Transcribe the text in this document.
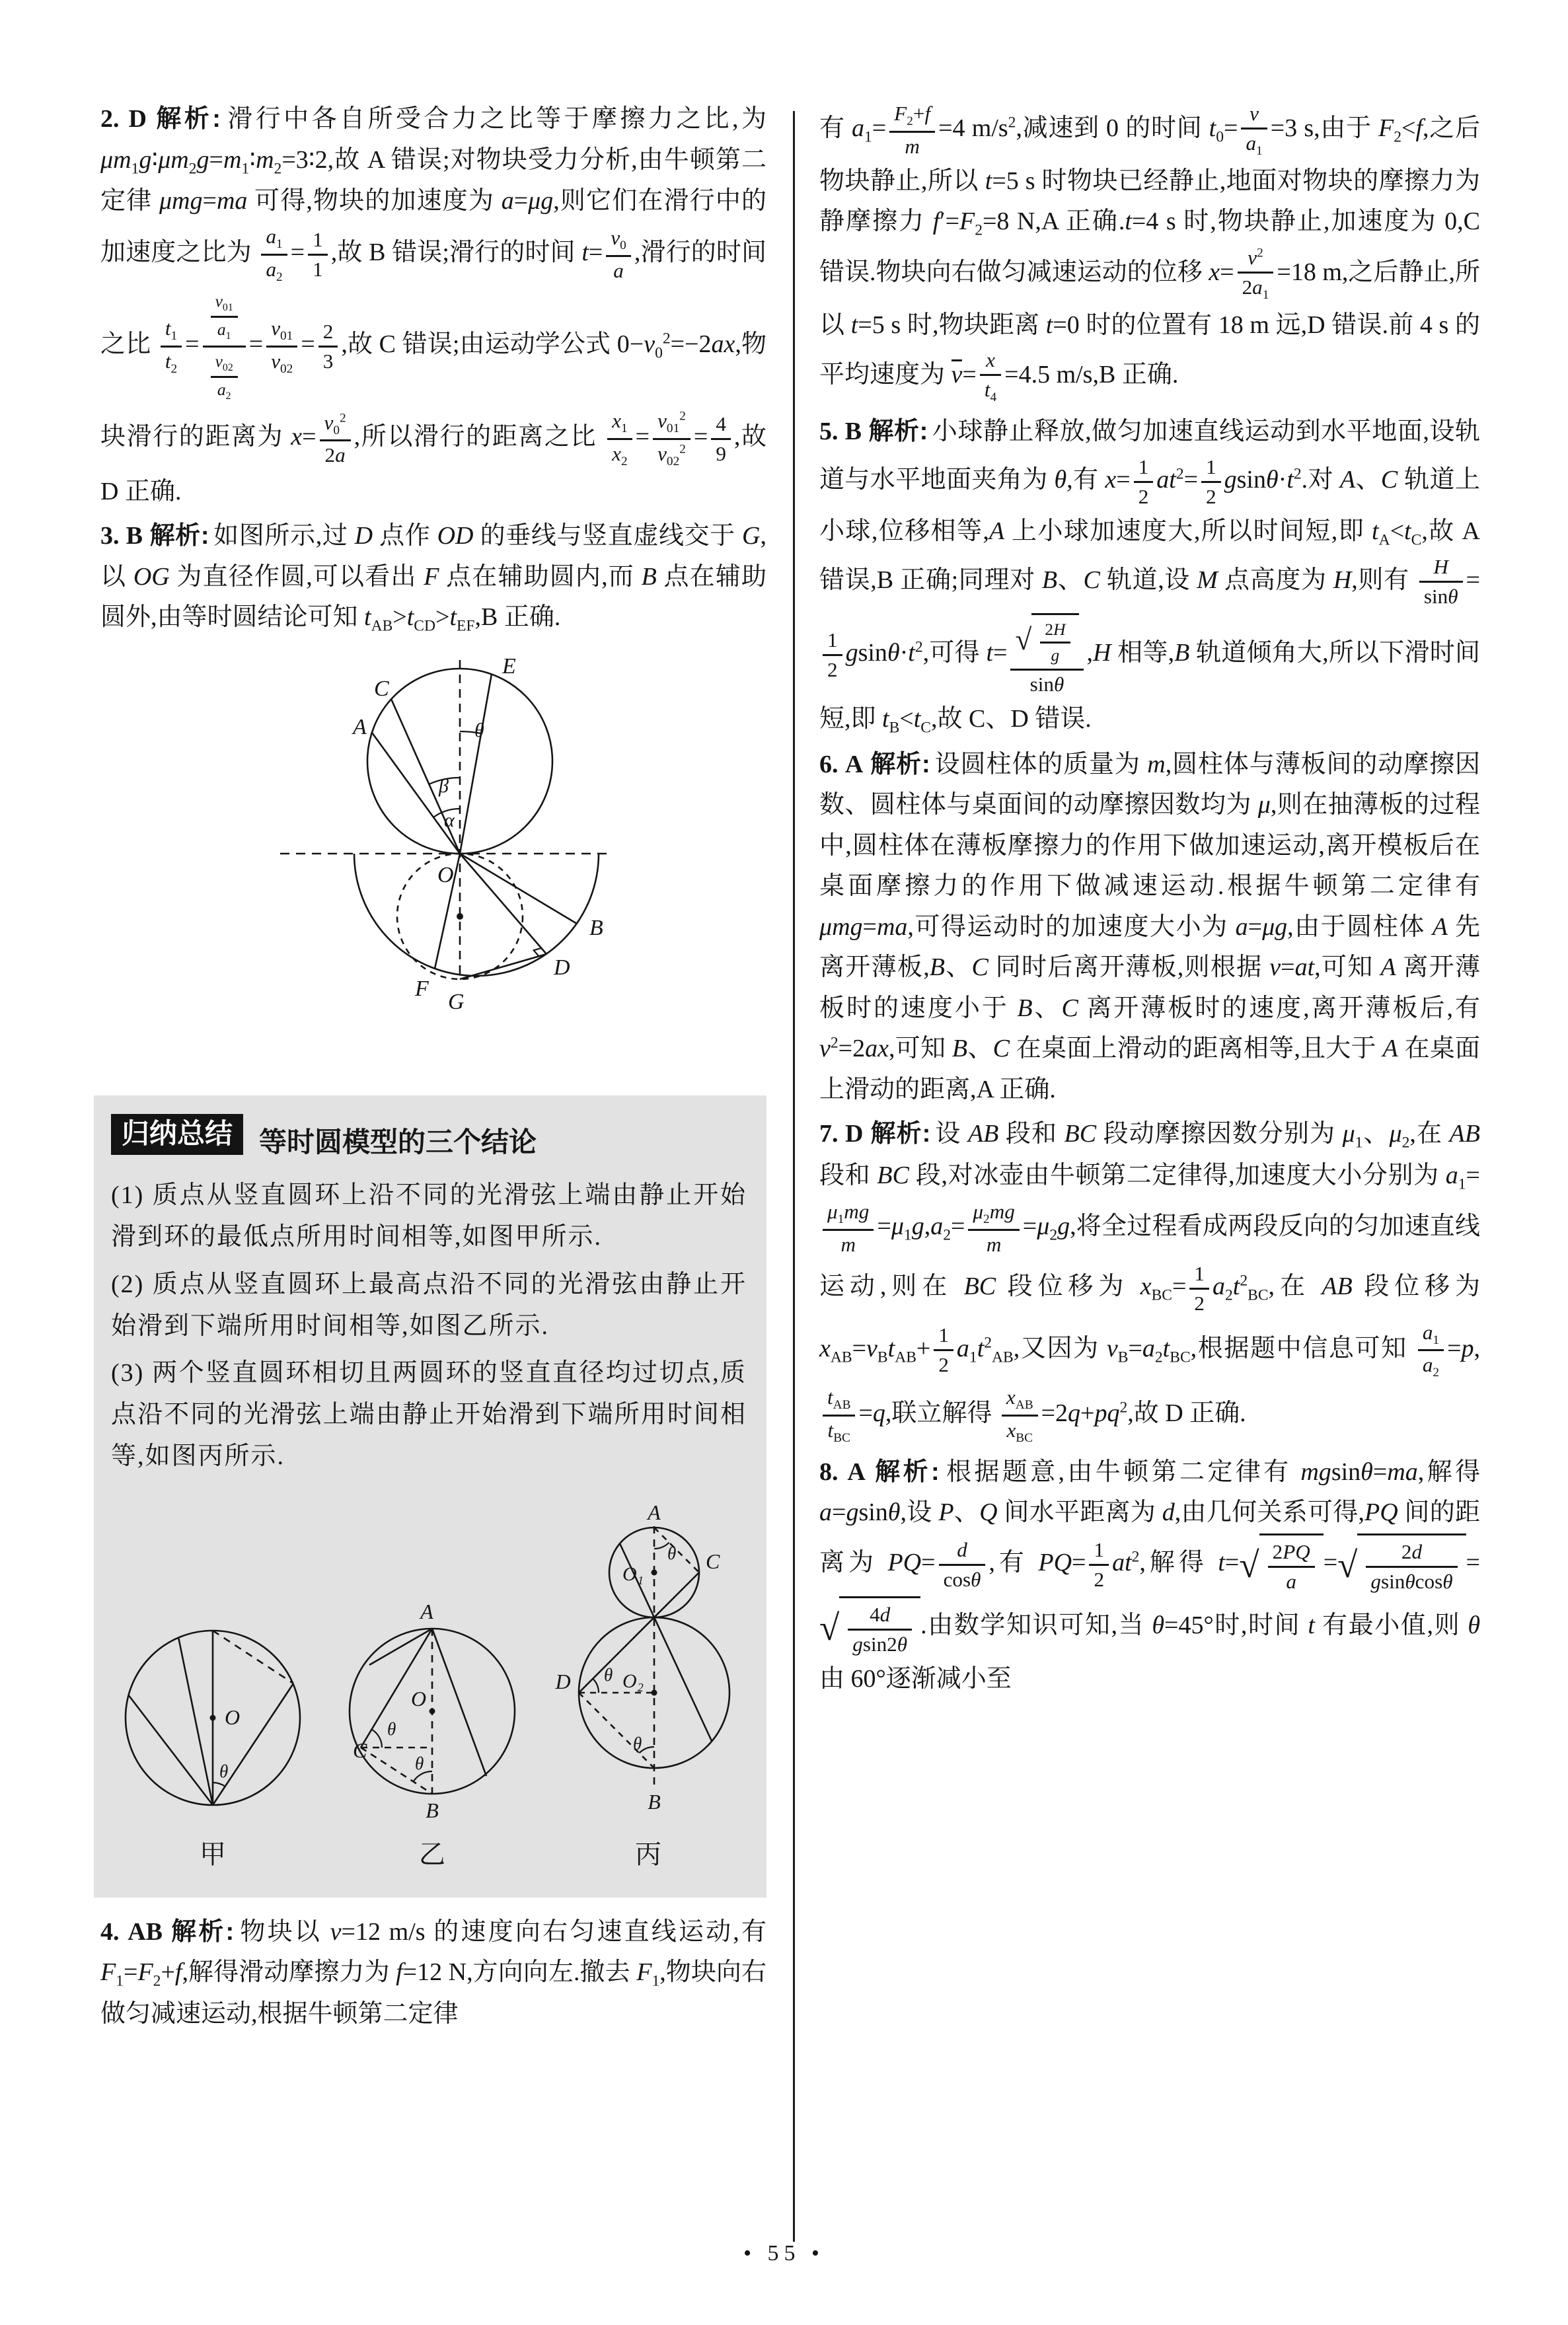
2. D 解析: 滑行中各自所受合力之比等于摩擦力之比,为 $\mu m_1g∶\mu m_2g=m_1∶m_2=3∶2$,故 A 错误;对物块受力分析,由牛顿第二定律 μmg=ma 可得,物块的加速度为 a=μg,则它们在滑行中的加速度之比为 $\frac{a_1}{a_2} = \frac{1}{1}$ ,故 B 错误;滑行的时间 $t= \frac{v_0}{a}$ ,滑行的时间之比 $\frac{t_1}{t_2} = \frac{\frac{v_{01}}{a_1}}{\frac{v_{02}}{a_2}} = \frac{v_{01}}{v_{02}} = \frac{2}{3}$ ,故 C 错误;由运动学公式 $0-v_0^2=-2ax$,物块滑行的距离为 $x= \frac{v_0^2}{2a}$ ,所以滑行的距离之比 $\frac{x_1}{x_2} = \frac{v_{01}^2}{v_{02}^2} = \frac{4}{9}$ ,故 D 正确.

3. B 解析: 如图所示,过 D 点作 OD 的垂线与竖直虚线交于 G,以 OG 为直径作圆,可以看出 F 点在辅助圆内,而 B 点在辅助圆外,由等时圆结论可知 $t_{AB}>t_{CD}>t_{EF},B$ 正确.

E
C
A	θ
β
α
O
B
D
F
G
归纳总结 等时圆模型的三个结论

(1) 质点从竖直圆环上沿不同的光滑弦上端由静止开始滑到环的最低点所用时间相等,如图甲所示.

(2) 质点从竖直圆环上最高点沿不同的光滑弦由静止开始滑到下端所用时间相等,如图乙所示.

(3) 两个竖直圆环相切且两圆环的竖直直径均过切点,质点沿不同的光滑弦上端由静止开始滑到下端所用时间相等,如图丙所示.

O
θ
甲
A
B
C
O
θ
θ
乙
A
B
C
D
O₁
O₂
θ
θ
θ
丙

4. AB 解析: 物块以 v=12 m/s 的速度向右匀速直线运动,有 $F_1=F_2+f$,解得滑动摩擦力为 f=12 N,方向向左.撤去 $F_1$,物块向右做匀减速运动,根据牛顿第二定律

有 $a_1= \frac{F_2+f}{m} =4$ $m/s^2$,减速到 0 的时间 $t_0= \frac{v}{a_1} =3$ s,由于 $F_2<f$,之后物块静止,所以 t=5 s 时物块已经静止,地面对物块的摩擦力为静摩擦力 $f'=F_2=8$ N,A 正确.t=4 s 时,物块静止,加速度为 0,C 错误.物块向右做匀减速运动的位移 $x= \frac{v^2}{2a_1} =18$ m,之后静止,所以 t=5 s 时,物块距离 t=0 时的位置有 18 m 远,D 错误.前 4 s 的平均速度为 $v= \frac{x}{t_4} =4.5$ m/s,B 正确.

5. B 解析: 小球静止释放,做匀加速直线运动到水平地面,设轨道与水平地面夹角为 θ,有 $x= \frac{1}{2} at^2= \frac{1}{2} gsin\theta\cdot t^2$.对 A、C 轨道上小球,位移相等,A 上小球加速度大,所以时间短,即 $t_A<t_C$,故 A 错误,B 正确;同理对 B、C 轨道,设 M 点高度为 H,则有 $\frac{H}{\sin\theta}$ =
$\frac{1}{2} gsin\theta\cdot t^2$,可得 $t= \frac{√ \frac{2H}{g}}{\sin\theta} ,H$ 相等,B 轨道倾角大,所以下滑时间短,即 $t_B<t_C$,故 C、D 错误.

6. A 解析: 设圆柱体的质量为 m,圆柱体与薄板间的动摩擦因数、圆柱体与桌面间的动摩擦因数均为 μ,则在抽薄板的过程中,圆柱体在薄板摩擦力的作用下做加速运动,离开模板后在桌面摩擦力的作用下做减速运动.根据牛顿第二定律有 μmg=ma,可得运动时的加速度大小为 a=μg,由于圆柱体 A 先离开薄板,B、C 同时后离开薄板,则根据 v=at,可知 A 离开薄板时的速度小于 B、C 离开薄板时的速度,离开薄板后,有 $v^2=2ax$,可知 B、C 在桌面上滑动的距离相等,且大于 A 在桌面上滑动的距离,A 正确.

7. D 解析: 设 AB 段和 BC 段动摩擦因数分别为 $\mu_1$、$\mu_2$,在 AB 段和 BC 段,对冰壶由牛顿第二定律得,加速度大小分别为 $a_1=$
$\frac{\mu_1mg}{m} =\mu_1g,a_2= \frac{\mu_2mg}{m} =\mu_2g$,将全过程看成两段反向的匀加速直线运动,则在 BC 段位移为 $x_{BC}= \frac{1}{2} a_2t^2_{BC}$,在 AB 段位移为 $x_{AB}=v_Bt_{AB}+ \frac{1}{2} a_1t^2_{AB}$,又因为 $v_B=a_2t_{BC}$,根据题中信息可知 $\frac{a_1}{a_2} =p$,
$t_{AB}$
$t_{BC}$
=q,联立解得
$x_{AB}$
$x_{BC}$
$=2q+pq^2$,故 D 正确.

8. A 解析: 根据题意,由牛顿第二定律有 mgsinθ=ma,解得 a=gsinθ,设 P、Q 间水平距离为 d,由几何关系可得,PQ 间的距离为 $PQ= \frac{d}{\cos\theta}$ ,有 $PQ= \frac{1}{2} at^2$,解得 $t=√ \frac{2PQ}{a}$ =√ $\frac{2d}{gsin\theta\cos\theta}$ =√ $\frac{4d}{gsin2\theta}$ .由数学知识可知,当 θ=45°时,时间 t 有最小值,则 θ 由 60°逐渐减小至

• 55 •
